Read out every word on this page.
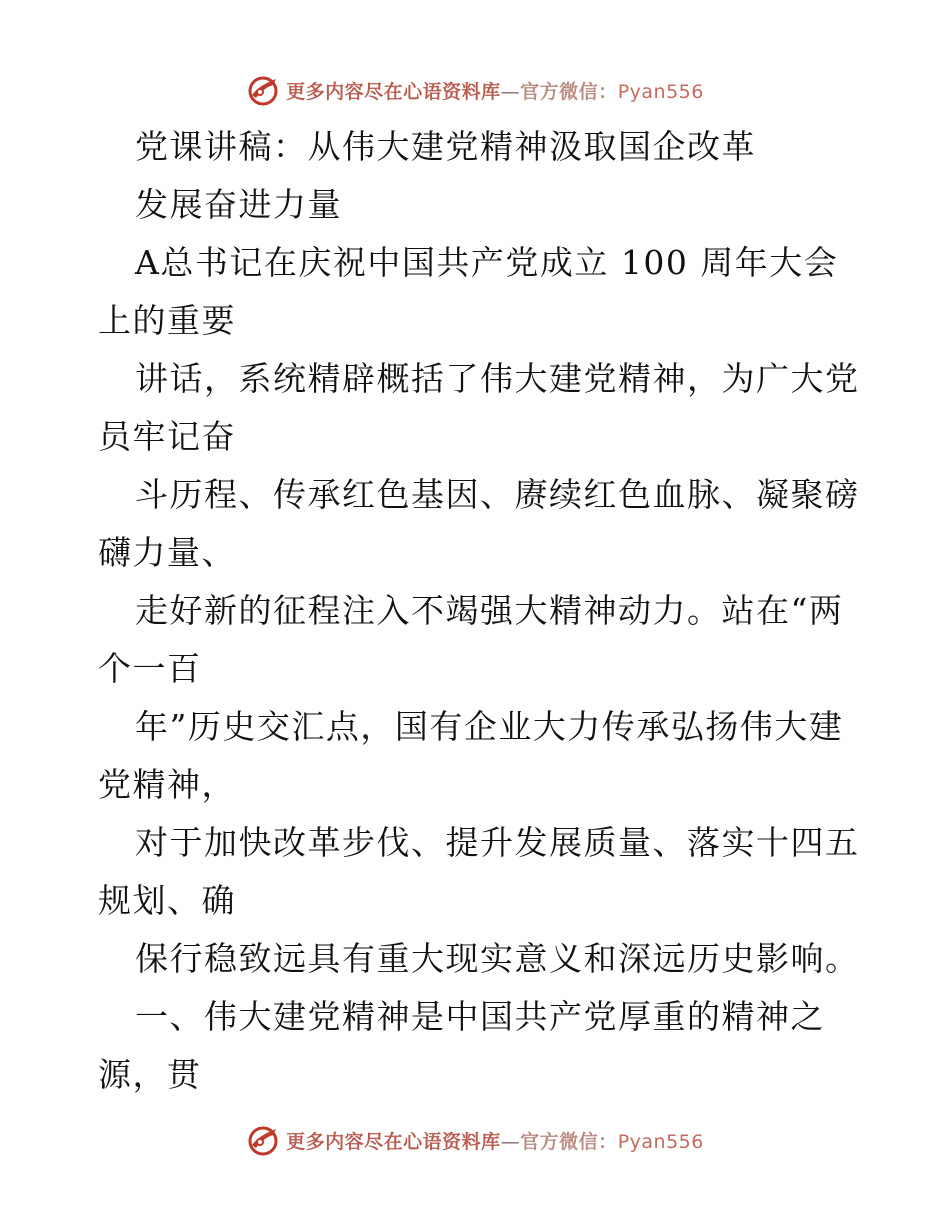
更多内容尽在心语资料库—官方微信：Pyan556
党课讲稿：从伟大建党精神汲取国企改革
发展奋进力量
A总书记在庆祝中国共产党成立 100 周年大会
上的重要
讲话，系统精辟概括了伟大建党精神，为广大党
员牢记奋
斗历程、传承红色基因、赓续红色血脉、凝聚磅
礴力量、
走好新的征程注入不竭强大精神动力。站在“两
个一百
年”历史交汇点，国有企业大力传承弘扬伟大建
党精神，
对于加快改革步伐、提升发展质量、落实十四五
规划、确
保行稳致远具有重大现实意义和深远历史影响。
一、伟大建党精神是中国共产党厚重的精神之
源，贯
更多内容尽在心语资料库—官方微信：Pyan556
